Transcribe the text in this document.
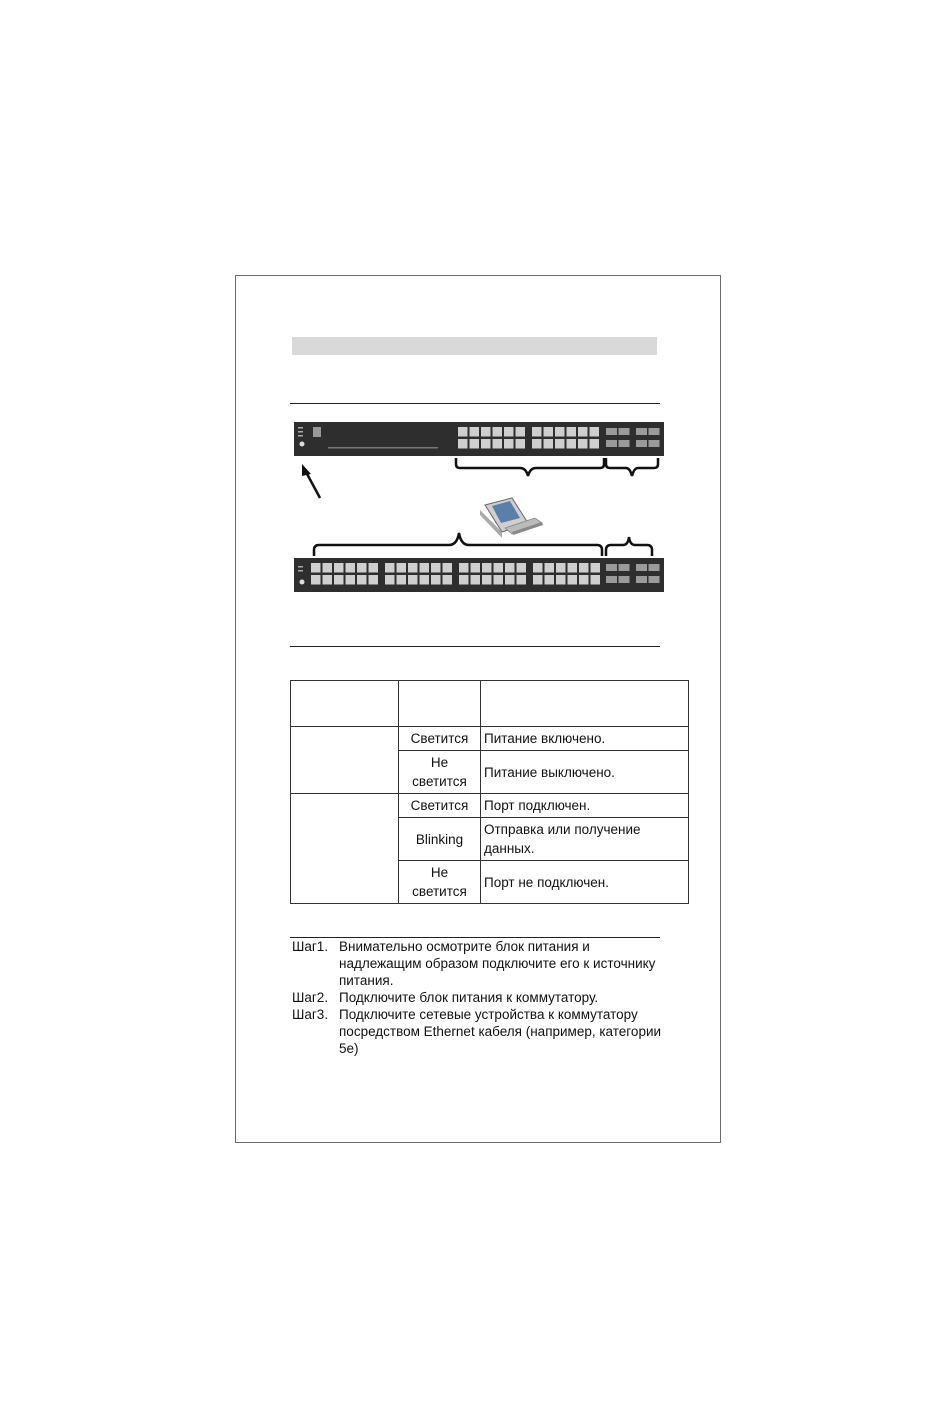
	Светится	Питание включено.
	Не светится	Питание выключено.
	Светится	Порт подключен.
	Blinking	Отправка или получение данных.
	Не светится	Порт не подключен.
Шаг1. Внимательно осмотрите блок питания и надлежащим образом подключите его к источнику питания.
Шаг2. Подключите блок питания к коммутатору.
Шаг3. Подключите сетевые устройства к коммутатору посредством Ethernet кабеля (например, категории 5е)
